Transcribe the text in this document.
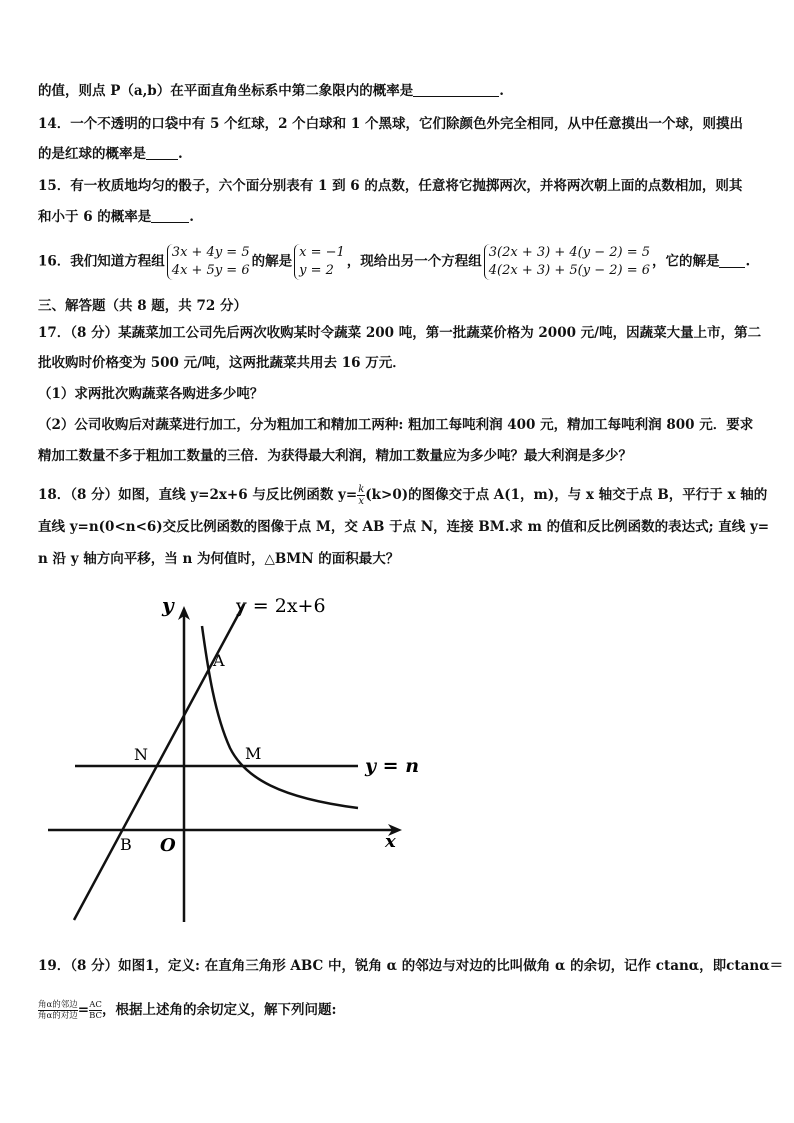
的值，则点 P（a,b）在平面直角坐标系中第二象限内的概率是	.
14．一个不透明的口袋中有 5 个红球，2 个白球和 1 个黑球，它们除颜色外完全相同，从中任意摸出一个球，则摸出
的是红球的概率是 .
15．有一枚质地均匀的骰子，六个面分别表有 1 到 6 的点数，任意将它抛掷两次，并将两次朝上面的点数相加，则其
和小于 6 的概率是	.
16．我们知道方程组
3x + 4y = 5
4x + 5y = 6
的解是
x = −1
y = 2
，现给出另一个方程组
3(2x + 3) + 4(y − 2) = 5
4(2x + 3) + 5(y − 2) = 6
，它的解是 .
三、解答题（共 8 题，共 72 分）
17．（8 分）某蔬菜加工公司先后两次收购某时令蔬菜 200 吨，第一批蔬菜价格为 2000 元/吨，因蔬菜大量上市，第二
批收购时价格变为 500 元/吨，这两批蔬菜共用去 16 万元．
（1）求两批次购蔬菜各购进多少吨？
（2）公司收购后对蔬菜进行加工，分为粗加工和精加工两种: 粗加工每吨利润 400 元，精加工每吨利润 800 元．要求
精加工数量不多于粗加工数量的三倍．为获得最大利润，精加工数量应为多少吨？最大利润是多少？
18．（8 分）如图，直线 y=2x+6 与反比例函数 $y= \frac{k}{x} (k>0)$的图像交于点 A(1，m)，与 x 轴交于点 B，平行于 x 轴的
直线 y=n(0<n<6)交反比例函数的图像于点 M，交 AB 于点 N，连接 BM.求 m 的值和反比例函数的表达式; 直线 y=
n 沿 y 轴方向平移，当 n 为何值时，△BMN 的面积最大？
y
x
O
y = 2x+6
y = n
A
B
N	M
19．（8 分）如图1，定义: 在直角三角形 ABC 中，锐角 α 的邻边与对边的比叫做角 α 的余切，记作 ctanα，即ctanα＝
$\frac{\text{角α的邻边}}{\text{角α的对边}} = \frac{AC}{BC}$ ，根据上述角的余切定义，解下列问题:
